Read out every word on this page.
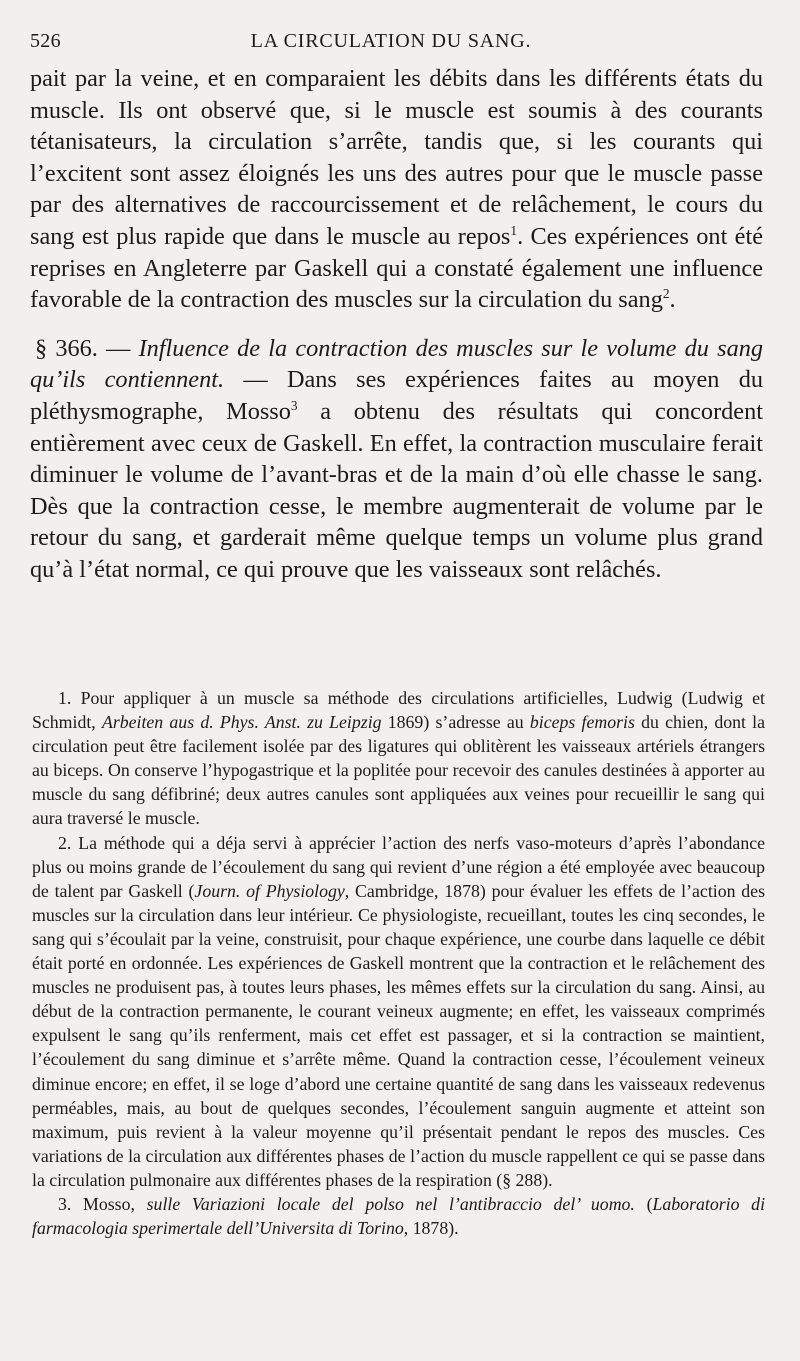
526	LA CIRCULATION DU SANG.

pait par la veine, et en comparaient les débits dans les différents états du muscle. Ils ont observé que, si le muscle est soumis à des courants tétanisateurs, la circulation s’arrête, tandis que, si les courants qui l’excitent sont assez éloignés les uns des autres pour que le muscle passe par des alternatives de raccourcissement et de relâchement, le cours du sang est plus rapide que dans le muscle au repos$^1$. Ces expériences ont été reprises en Angleterre par Gaskell qui a constaté également une influence favorable de la contraction des muscles sur la circulation du sang$^2$.

§ 366. — Influence de la contraction des muscles sur le volume du sang qu’ils contiennent. — Dans ses expériences faites au moyen du pléthysmographe, Mosso$^3$ a obtenu des résultats qui concordent entièrement avec ceux de Gaskell. En effet, la contraction musculaire ferait diminuer le volume de l’avant-bras et de la main d’où elle chasse le sang. Dès que la contraction cesse, le membre augmenterait de volume par le retour du sang, et garderait même quelque temps un volume plus grand qu’à l’état normal, ce qui prouve que les vaisseaux sont relâchés.

1. Pour appliquer à un muscle sa méthode des circulations artificielles, Ludwig (Ludwig et Schmidt, Arbeiten aus d. Phys. Anst. zu Leipzig 1869) s’adresse au biceps femoris du chien, dont la circulation peut être facilement isolée par des ligatures qui oblitèrent les vaisseaux artériels étrangers au biceps. On conserve l’hypogastrique et la poplitée pour recevoir des canules destinées à apporter au muscle du sang défibriné; deux autres canules sont appliquées aux veines pour recueillir le sang qui aura traversé le muscle.

2. La méthode qui a déja servi à apprécier l’action des nerfs vaso-moteurs d’après l’abondance plus ou moins grande de l’écoulement du sang qui revient d’une région a été employée avec beaucoup de talent par Gaskell (Journ. of Physiology, Cambridge, 1878) pour évaluer les effets de l’action des muscles sur la circulation dans leur intérieur. Ce physiologiste, recueillant, toutes les cinq secondes, le sang qui s’écoulait par la veine, construisit, pour chaque expérience, une courbe dans laquelle ce débit était porté en ordonnée. Les expériences de Gaskell montrent que la contraction et le relâchement des muscles ne produisent pas, à toutes leurs phases, les mêmes effets sur la circulation du sang. Ainsi, au début de la contraction permanente, le courant veineux augmente; en effet, les vaisseaux comprimés expulsent le sang qu’ils renferment, mais cet effet est passager, et si la contraction se maintient, l’écoulement du sang diminue et s’arrête même. Quand la contraction cesse, l’écoulement veineux diminue encore; en effet, il se loge d’abord une certaine quantité de sang dans les vaisseaux redevenus perméables, mais, au bout de quelques secondes, l’écoulement sanguin augmente et atteint son maximum, puis revient à la valeur moyenne qu’il présentait pendant le repos des muscles. Ces variations de la circulation aux différentes phases de l’action du muscle rappellent ce qui se passe dans la circulation pulmonaire aux différentes phases de la respiration (§ 288).

3. Mosso, sulle Variazioni locale del polso nel l’antibraccio del’ uomo. (Laboratorio di farmacologia sperimertale dell’Universita di Torino, 1878).
